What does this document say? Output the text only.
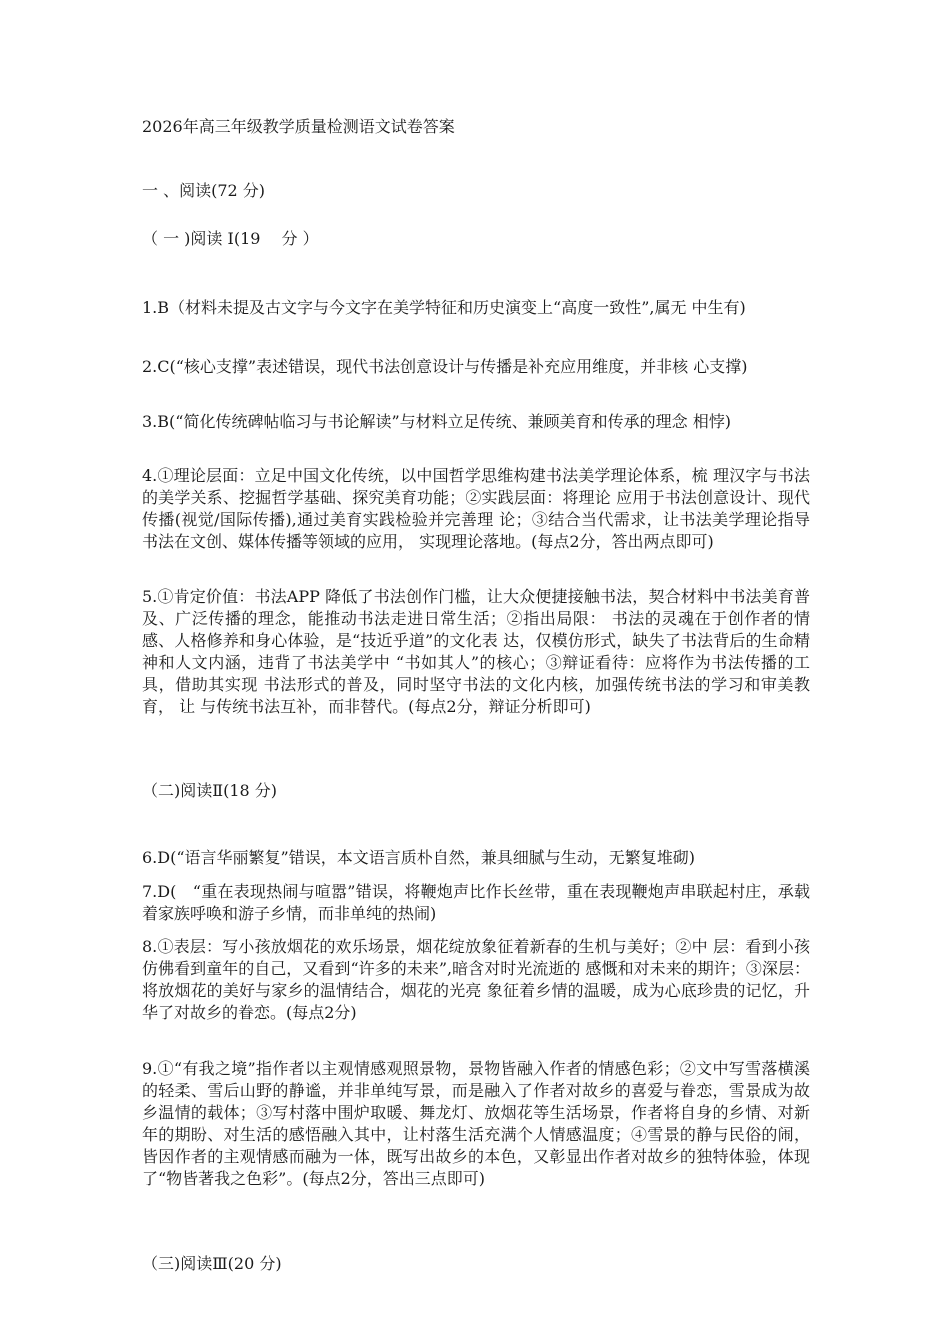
2026年高三年级教学质量检测语文试卷答案

一 、阅读(72 分)

（ 一 )阅读 I(19　 分 ）

1.B（材料未提及古文字与今文字在美学特征和历史演变上“高度一致性”,属无 中生有)

2.C(“核心支撑”表述错误，现代书法创意设计与传播是补充应用维度，并非核 心支撑)

3.B(“简化传统碑帖临习与书论解读”与材料立足传统、兼顾美育和传承的理念 相悖)

4.①理论层面：立足中国文化传统，以中国哲学思维构建书法美学理论体系，梳 理汉字与书法的美学关系、挖掘哲学基础、探究美育功能；②实践层面：将理论 应用于书法创意设计、现代传播(视觉/国际传播),通过美育实践检验并完善理 论；③结合当代需求，让书法美学理论指导书法在文创、媒体传播等领域的应用， 实现理论落地。(每点2分，答出两点即可)

5.①肯定价值：书法APP 降低了书法创作门槛，让大众便捷接触书法，契合材料中书法美育普及、广泛传播的理念，能推动书法走进日常生活；②指出局限： 书法的灵魂在于创作者的情感、人格修养和身心体验，是“技近乎道”的文化表 达，仅模仿形式，缺失了书法背后的生命精神和人文内涵，违背了书法美学中 “书如其人”的核心；③辩证看待：应将作为书法传播的工具，借助其实现 书法形式的普及，同时坚守书法的文化内核，加强传统书法的学习和审美教育， 让 与传统书法互补，而非替代。(每点2分，辩证分析即可)

（二)阅读Ⅱ(18 分)

6.D(“语言华丽繁复”错误，本文语言质朴自然，兼具细腻与生动，无繁复堆砌)

7.D(　“重在表现热闹与喧嚣”错误，将鞭炮声比作长丝带，重在表现鞭炮声串联起村庄，承载着家族呼唤和游子乡情，而非单纯的热闹)

8.①表层：写小孩放烟花的欢乐场景，烟花绽放象征着新春的生机与美好；②中 层：看到小孩仿佛看到童年的自己，又看到“许多的未来”,暗含对时光流逝的 感慨和对未来的期许；③深层：将放烟花的美好与家乡的温情结合，烟花的光亮 象征着乡情的温暖，成为心底珍贵的记忆，升华了对故乡的眷恋。(每点2分)

9.①“有我之境”指作者以主观情感观照景物，景物皆融入作者的情感色彩；②文中写雪落横溪的轻柔、雪后山野的静谧，并非单纯写景，而是融入了作者对故乡的喜爱与眷恋，雪景成为故乡温情的载体；③写村落中围炉取暖、舞龙灯、放烟花等生活场景，作者将自身的乡情、对新年的期盼、对生活的感悟融入其中，让村落生活充满个人情感温度；④雪景的静与民俗的闹，皆因作者的主观情感而融为一体，既写出故乡的本色，又彰显出作者对故乡的独特体验，体现了“物皆著我之色彩”。(每点2分，答出三点即可)

（三)阅读Ⅲ(20 分)
